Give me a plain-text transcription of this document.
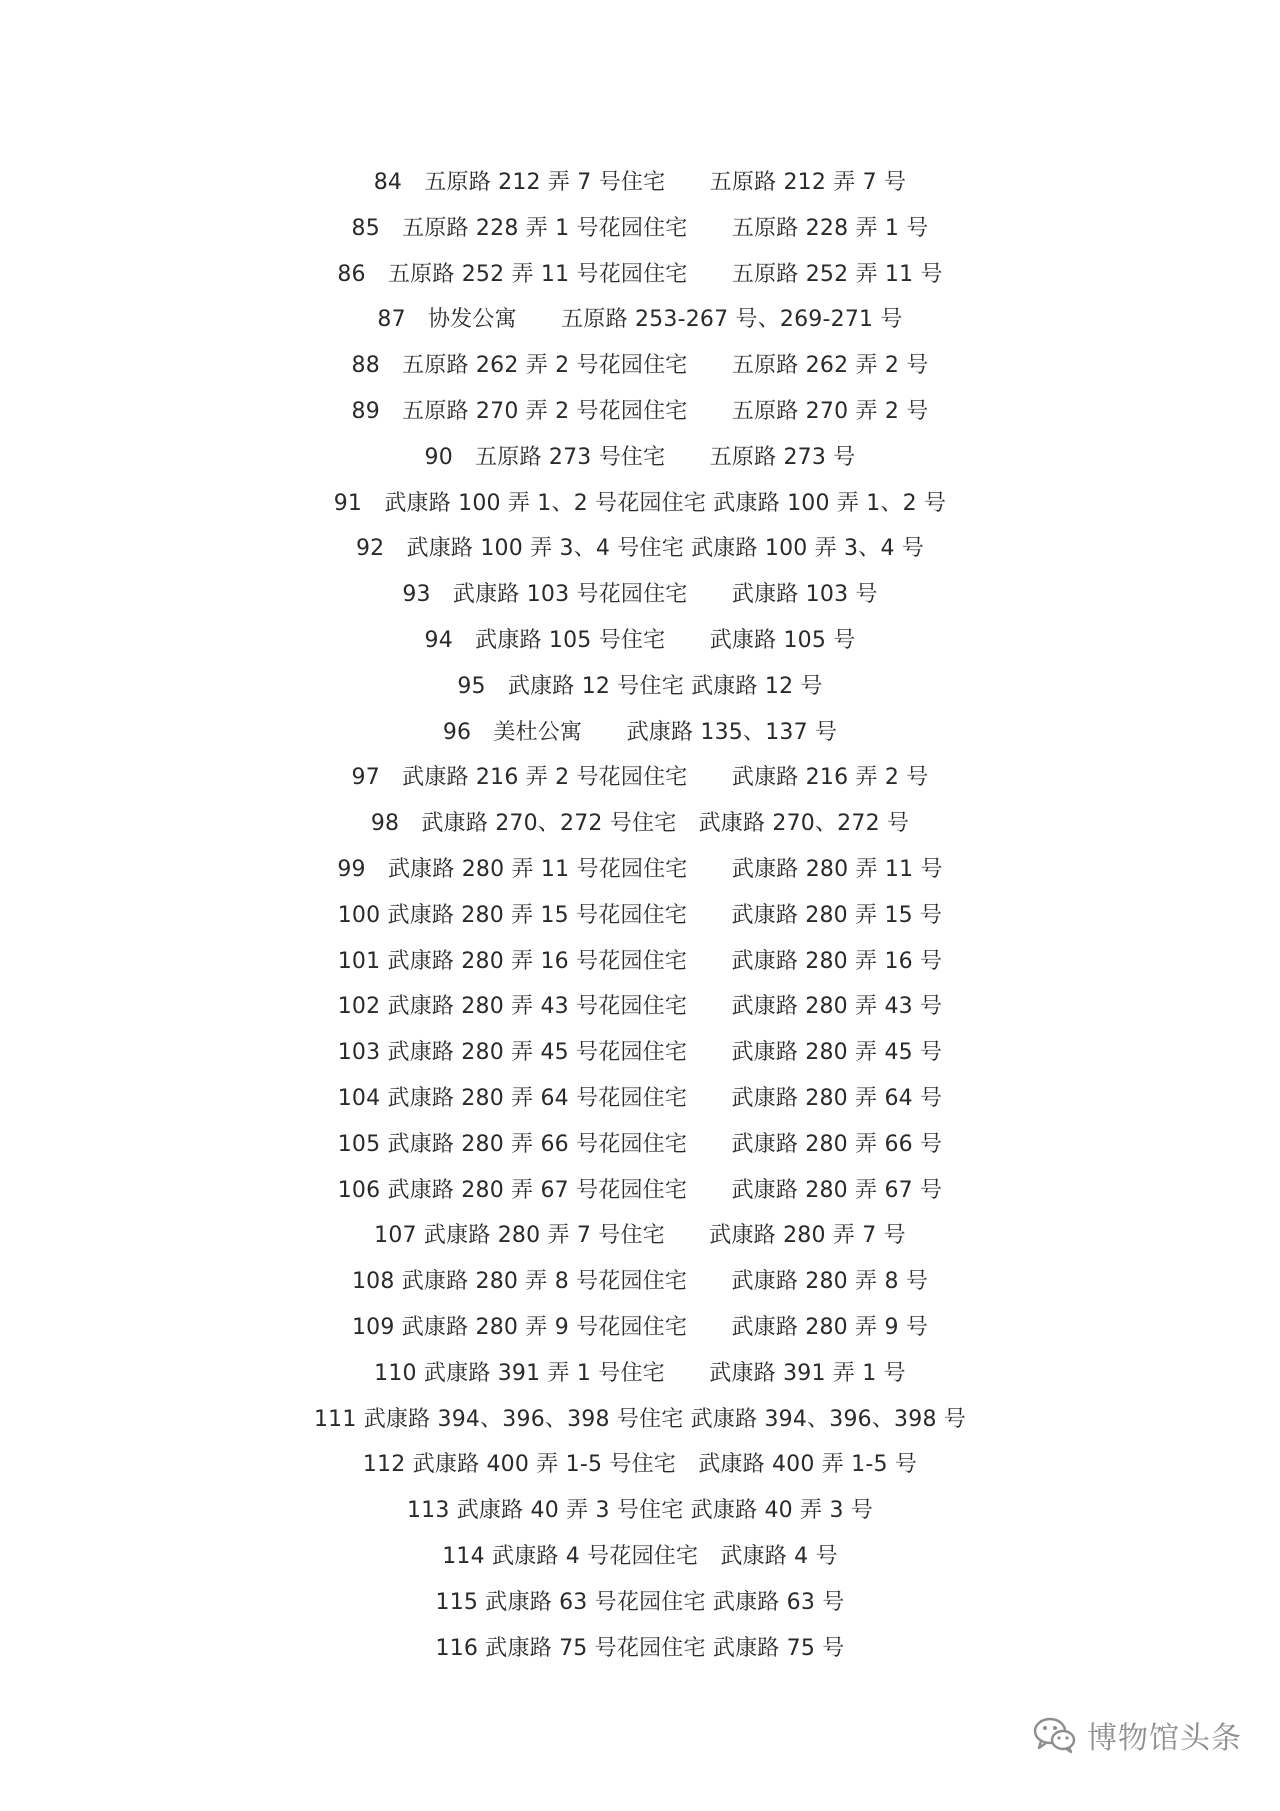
84　五原路 212 弄 7 号住宅　　五原路 212 弄 7 号
85　五原路 228 弄 1 号花园住宅　　五原路 228 弄 1 号
86　五原路 252 弄 11 号花园住宅　　五原路 252 弄 11 号
87　协发公寓　　五原路 253-267 号、269-271 号
88　五原路 262 弄 2 号花园住宅　　五原路 262 弄 2 号
89　五原路 270 弄 2 号花园住宅　　五原路 270 弄 2 号
90　五原路 273 号住宅　　五原路 273 号
91　武康路 100 弄 1、2 号花园住宅 武康路 100 弄 1、2 号
92　武康路 100 弄 3、4 号住宅 武康路 100 弄 3、4 号
93　武康路 103 号花园住宅　　武康路 103 号
94　武康路 105 号住宅　　武康路 105 号
95　武康路 12 号住宅 武康路 12 号
96　美杜公寓　　武康路 135、137 号
97　武康路 216 弄 2 号花园住宅　　武康路 216 弄 2 号
98　武康路 270、272 号住宅　武康路 270、272 号
99　武康路 280 弄 11 号花园住宅　　武康路 280 弄 11 号
100 武康路 280 弄 15 号花园住宅　　武康路 280 弄 15 号
101 武康路 280 弄 16 号花园住宅　　武康路 280 弄 16 号
102 武康路 280 弄 43 号花园住宅　　武康路 280 弄 43 号
103 武康路 280 弄 45 号花园住宅　　武康路 280 弄 45 号
104 武康路 280 弄 64 号花园住宅　　武康路 280 弄 64 号
105 武康路 280 弄 66 号花园住宅　　武康路 280 弄 66 号
106 武康路 280 弄 67 号花园住宅　　武康路 280 弄 67 号
107 武康路 280 弄 7 号住宅　　武康路 280 弄 7 号
108 武康路 280 弄 8 号花园住宅　　武康路 280 弄 8 号
109 武康路 280 弄 9 号花园住宅　　武康路 280 弄 9 号
110 武康路 391 弄 1 号住宅　　武康路 391 弄 1 号
111 武康路 394、396、398 号住宅 武康路 394、396、398 号
112 武康路 400 弄 1-5 号住宅　武康路 400 弄 1-5 号
113 武康路 40 弄 3 号住宅 武康路 40 弄 3 号
114 武康路 4 号花园住宅　武康路 4 号
115 武康路 63 号花园住宅 武康路 63 号
116 武康路 75 号花园住宅 武康路 75 号
博物馆头条
